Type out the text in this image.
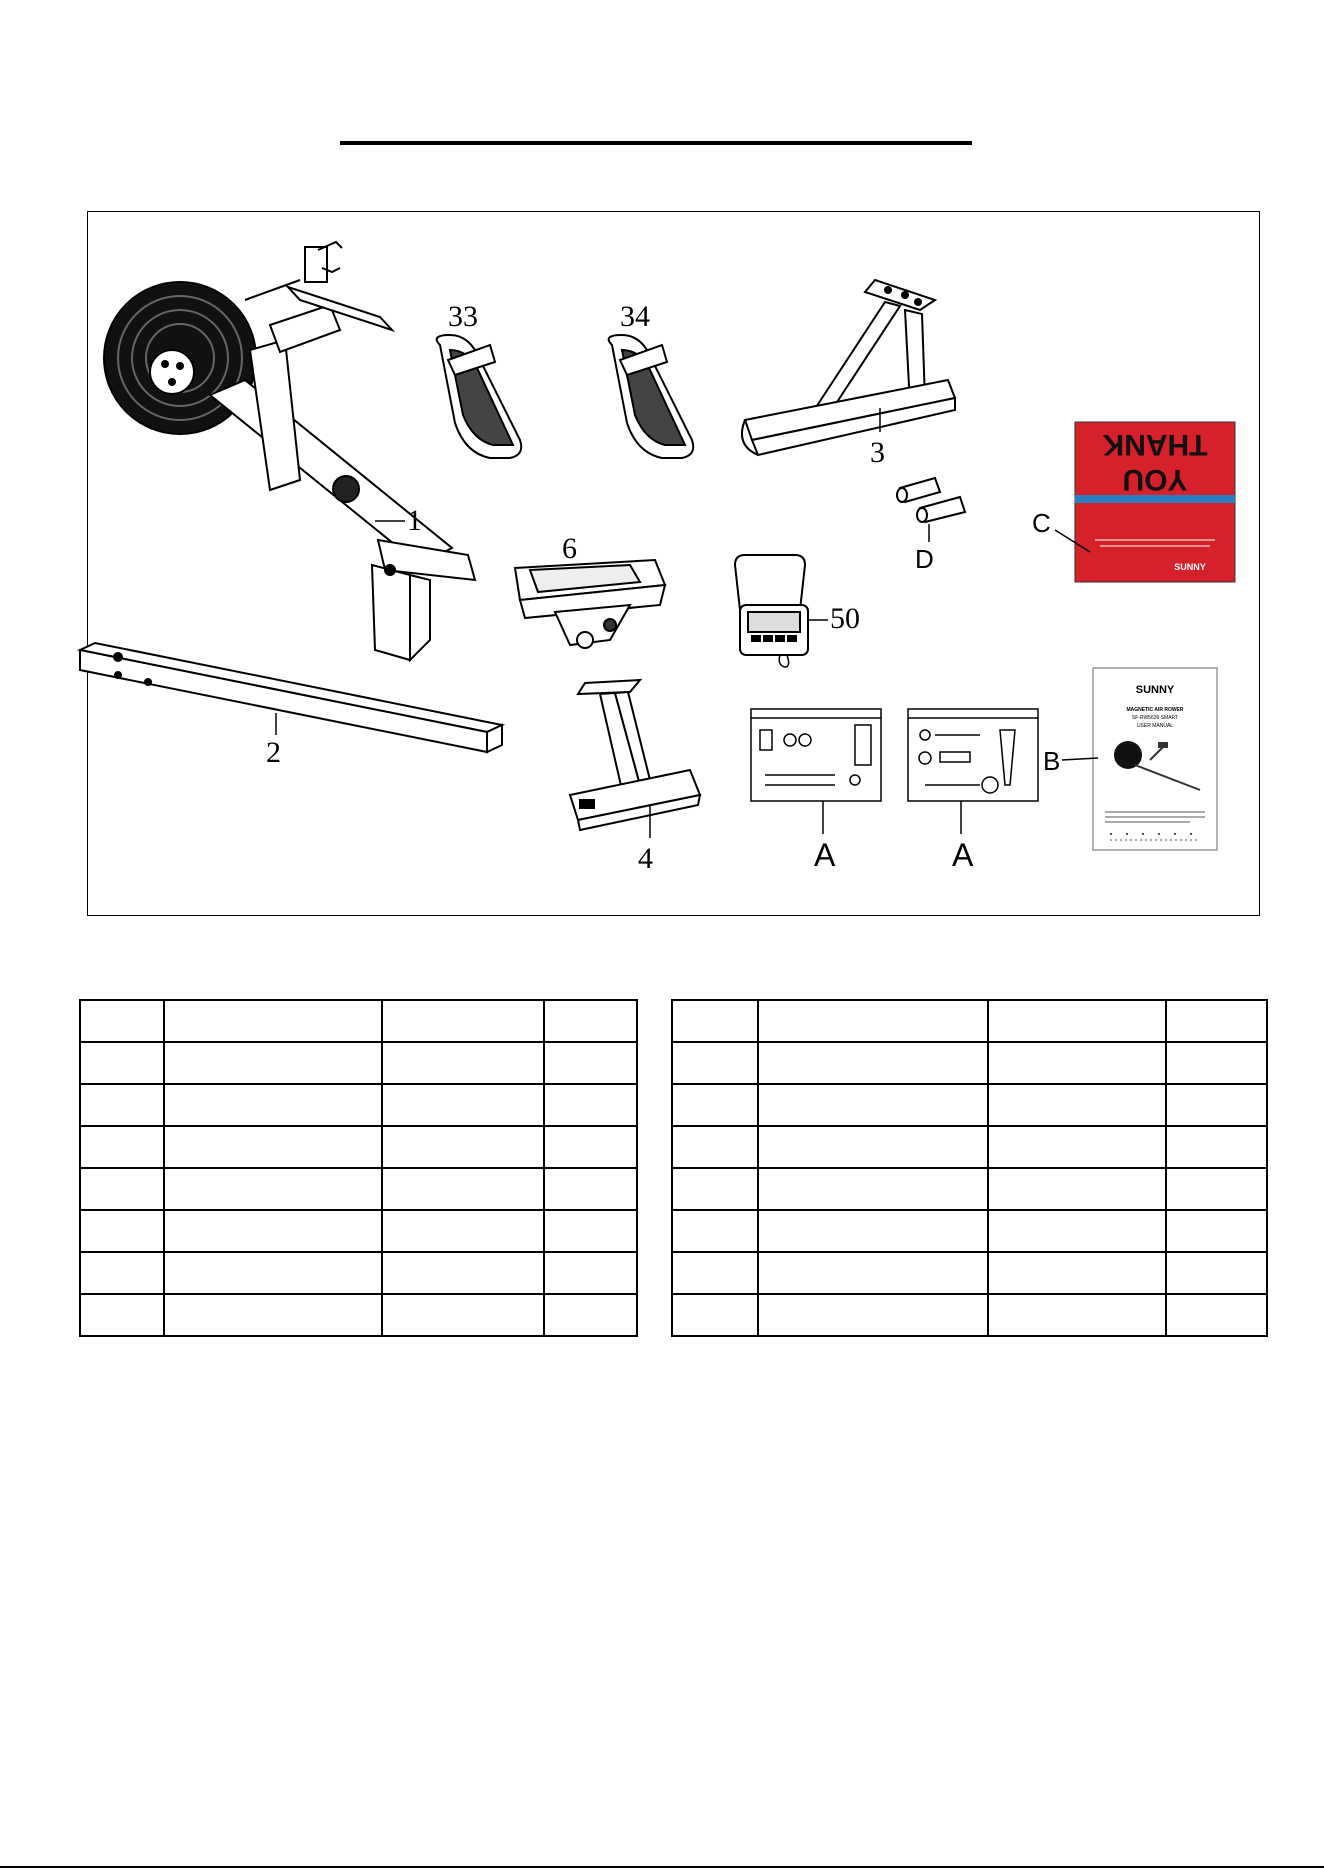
1
2
33	34
3
D
THANK
YOU
SUNNY
C
6
50
4	A	A
SUNNY
MAGNETIC AIR ROWER
SF-RW5639 SMART
USER MANUAL
B
